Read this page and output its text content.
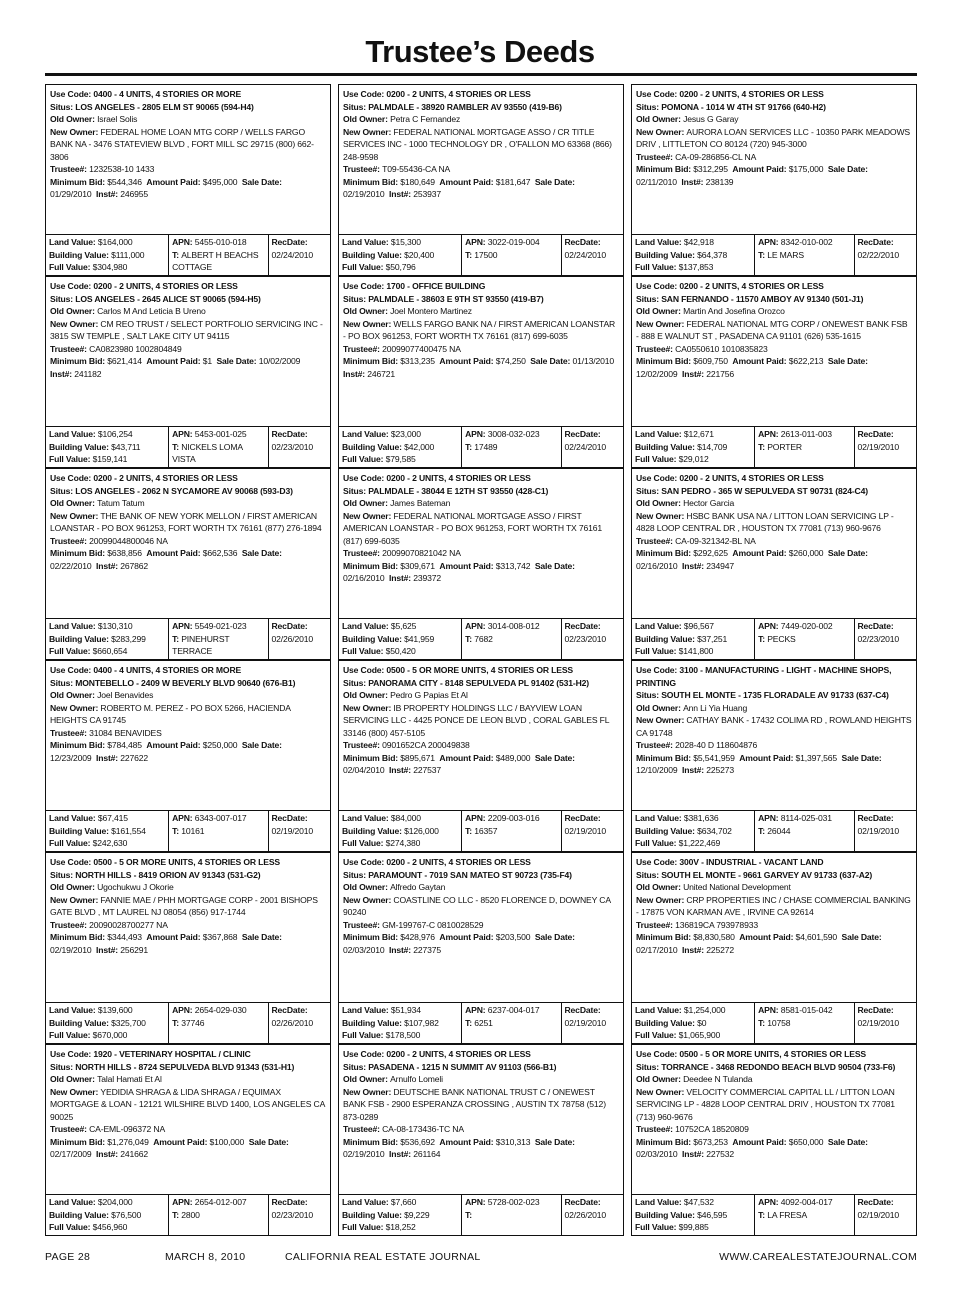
Trustee’s Deeds

Use Code: 0400 - 4 UNITS, 4 STORIES OR MORE

Situs: LOS ANGELES - 2805 ELM ST 90065 (594-H4)

Old Owner: Israel Solis

New Owner: FEDERAL HOME LOAN MTG CORP / WELLS FARGO BANK NA - 3476 STATEVIEW BLVD , FORT MILL SC 29715 (800) 662-3806

Trustee#: 1232538-10 1433

Minimum Bid: $544,346 Amount Paid: $495,000 Sale Date: 01/29/2010 Inst#: 246955

Land Value: $164,000
Building Value: $111,000
Full Value: $304,980
APN: 5455-010-018
T: ALBERT H BEACHS COTTAGE
RecDate:
02/24/2010

Use Code: 0200 - 2 UNITS, 4 STORIES OR LESS

Situs: PALMDALE - 38920 RAMBLER AV 93550 (419-B6)

Old Owner: Petra C Fernandez

New Owner: FEDERAL NATIONAL MORTGAGE ASSO / CR TITLE SERVICES INC - 1000 TECHNOLOGY DR , O'FALLON MO 63368 (866) 248-9598

Trustee#: T09-55436-CA NA

Minimum Bid: $180,649 Amount Paid: $181,647 Sale Date: 02/19/2010 Inst#: 253937

Land Value: $15,300
Building Value: $20,400
Full Value: $50,796
APN: 3022-019-004
T: 17500
RecDate:
02/24/2010

Use Code: 0200 - 2 UNITS, 4 STORIES OR LESS

Situs: POMONA - 1014 W 4TH ST 91766 (640-H2)

Old Owner: Jesus G Garay

New Owner: AURORA LOAN SERVICES LLC - 10350 PARK MEADOWS DRIV , LITTLETON CO 80124 (720) 945-3000

Trustee#: CA-09-286856-CL NA

Minimum Bid: $312,295 Amount Paid: $175,000 Sale Date: 02/11/2010 Inst#: 238139

Land Value: $42,918
Building Value: $64,378
Full Value: $137,853
APN: 8342-010-002
T: LE MARS
RecDate:
02/22/2010

Use Code: 0200 - 2 UNITS, 4 STORIES OR LESS

Situs: LOS ANGELES - 2645 ALICE ST 90065 (594-H5)

Old Owner: Carlos M And Leticia B Ureno

New Owner: CM REO TRUST / SELECT PORTFOLIO SERVICING INC - 3815 SW TEMPLE , SALT LAKE CITY UT 94115

Trustee#: CA0823980 1002804849

Minimum Bid: $621,414 Amount Paid: $1 Sale Date: 10/02/2009  Inst#: 241182

Land Value: $106,254
Building Value: $43,711
Full Value: $159,141
APN: 5453-001-025
T: NICKELS LOMA VISTA
RecDate:
02/23/2010

Use Code: 1700 - OFFICE BUILDING

Situs: PALMDALE - 38603 E 9TH ST 93550 (419-B7)

Old Owner: Joel Montero Martinez

New Owner: WELLS FARGO BANK NA / FIRST AMERICAN LOANSTAR - PO BOX 961253, FORT WORTH TX 76161 (817) 699-6035

Trustee#: 20099077400475 NA

Minimum Bid: $313,235 Amount Paid: $74,250 Sale Date: 01/13/2010  Inst#: 246721

Land Value: $23,000
Building Value: $42,000
Full Value: $79,585
APN: 3008-032-023
T: 17489
RecDate:
02/24/2010

Use Code: 0200 - 2 UNITS, 4 STORIES OR LESS

Situs: SAN FERNANDO - 11570 AMBOY AV 91340 (501-J1)

Old Owner: Martin And Josefina Orozco

New Owner: FEDERAL NATIONAL MTG CORP / ONEWEST BANK FSB - 888 E WALNUT ST , PASADENA CA 91101 (626) 535-1615

Trustee#: CA0550610 1010835823

Minimum Bid: $609,750 Amount Paid: $622,213 Sale Date: 12/02/2009 Inst#: 221756

Land Value: $12,671
Building Value: $14,709
Full Value: $29,012
APN: 2613-011-003
T: PORTER
RecDate:
02/19/2010

Use Code: 0200 - 2 UNITS, 4 STORIES OR LESS

Situs: LOS ANGELES - 2062 N SYCAMORE AV 90068 (593-D3)

Old Owner: Tatum Tatum

New Owner: THE BANK OF NEW YORK MELLON / FIRST AMERICAN LOANSTAR - PO BOX 961253, FORT WORTH TX 76161 (877) 276-1894

Trustee#: 20099044800046 NA

Minimum Bid: $638,856 Amount Paid: $662,536 Sale Date: 02/22/2010 Inst#: 267862

Land Value: $130,310
Building Value: $283,299
Full Value: $660,654
APN: 5549-021-023
T: PINEHURST TERRACE
RecDate:
02/26/2010

Use Code: 0200 - 2 UNITS, 4 STORIES OR LESS

Situs: PALMDALE - 38044 E 12TH ST 93550 (428-C1)

Old Owner: James Bateman

New Owner: FEDERAL NATIONAL MORTGAGE ASSO / FIRST AMERICAN LOANSTAR - PO BOX 961253, FORT WORTH TX 76161 (817) 699-6035

Trustee#: 20099070821042 NA

Minimum Bid: $309,671 Amount Paid: $313,742 Sale Date: 02/16/2010 Inst#: 239372

Land Value: $5,625
Building Value: $41,959
Full Value: $50,420
APN: 3014-008-012
T: 7682
RecDate:
02/23/2010

Use Code: 0200 - 2 UNITS, 4 STORIES OR LESS

Situs: SAN PEDRO - 365 W SEPULVEDA ST 90731 (824-C4)

Old Owner: Hector Garcia

New Owner: HSBC BANK USA NA / LITTON LOAN SERVICING LP - 4828 LOOP CENTRAL DR , HOUSTON TX 77081 (713) 960-9676

Trustee#: CA-09-321342-BL NA

Minimum Bid: $292,625 Amount Paid: $260,000 Sale Date: 02/16/2010 Inst#: 234947

Land Value: $96,567
Building Value: $37,251
Full Value: $141,800
APN: 7449-020-002
T: PECKS
RecDate:
02/23/2010

Use Code: 0400 - 4 UNITS, 4 STORIES OR MORE

Situs: MONTEBELLO - 2409 W BEVERLY BLVD 90640 (676-B1)

Old Owner: Joel Benavides

New Owner: ROBERTO M. PEREZ - PO BOX 5266, HACIENDA HEIGHTS CA 91745

Trustee#: 31084 BENAVIDES

Minimum Bid: $784,485 Amount Paid: $250,000 Sale Date: 12/23/2009 Inst#: 227622

Land Value: $67,415
Building Value: $161,554
Full Value: $242,630
APN: 6343-007-017
T: 10161
RecDate:
02/19/2010

Use Code: 0500 - 5 OR MORE UNITS, 4 STORIES OR LESS

Situs: PANORAMA CITY - 8148 SEPULVEDA PL 91402 (531-H2)

Old Owner: Pedro G Papias Et Al

New Owner: IB PROPERTY HOLDINGS LLC / BAYVIEW LOAN SERVICING LLC - 4425 PONCE DE LEON BLVD , CORAL GABLES FL 33146 (800) 457-5105

Trustee#: 0901652CA 200049838

Minimum Bid: $895,671 Amount Paid: $489,000 Sale Date: 02/04/2010 Inst#: 227537

Land Value: $84,000
Building Value: $126,000
Full Value: $274,380
APN: 2209-003-016
T: 16357
RecDate:
02/19/2010

Use Code: 3100 - MANUFACTURING - LIGHT - MACHINE SHOPS, PRINTING

Situs: SOUTH EL MONTE - 1735 FLORADALE AV 91733 (637-C4)

Old Owner: Ann Li Yia Huang

New Owner: CATHAY BANK - 17432 COLIMA RD , ROWLAND HEIGHTS CA 91748

Trustee#: 2028-40 D 118604876

Minimum Bid: $5,541,959 Amount Paid: $1,397,565 Sale Date: 12/10/2009 Inst#: 225273

Land Value: $381,636
Building Value: $634,702
Full Value: $1,222,469
APN: 8114-025-031
T: 26044
RecDate:
02/19/2010

Use Code: 0500 - 5 OR MORE UNITS, 4 STORIES OR LESS

Situs: NORTH HILLS - 8419 ORION AV 91343 (531-G2)

Old Owner: Ugochukwu J Okorie

New Owner: FANNIE MAE / PHH MORTGAGE CORP - 2001 BISHOPS GATE BLVD , MT LAUREL NJ 08054 (856) 917-1744

Trustee#: 20090028700277 NA

Minimum Bid: $344,493 Amount Paid: $367,868 Sale Date: 02/19/2010 Inst#: 256291

Land Value: $139,600
Building Value: $325,700
Full Value: $670,000
APN: 2654-029-030
T: 37746
RecDate:
02/26/2010

Use Code: 0200 - 2 UNITS, 4 STORIES OR LESS

Situs: PARAMOUNT - 7019 SAN MATEO ST 90723 (735-F4)

Old Owner: Alfredo Gaytan

New Owner: COASTLINE CO LLC - 8520 FLORENCE D, DOWNEY CA 90240

Trustee#: GM-199767-C 0810028529

Minimum Bid: $428,976 Amount Paid: $203,500 Sale Date: 02/03/2010 Inst#: 227375

Land Value: $51,934
Building Value: $107,982
Full Value: $178,500
APN: 6237-004-017
T: 6251
RecDate:
02/19/2010

Use Code: 300V - INDUSTRIAL - VACANT LAND

Situs: SOUTH EL MONTE - 9661 GARVEY AV 91733 (637-A2)

Old Owner: United National Development

New Owner: CRP PROPERTIES INC / CHASE COMMERCIAL BANKING - 17875 VON KARMAN AVE , IRVINE CA 92614

Trustee#: 136819CA 793978933

Minimum Bid: $8,830,580 Amount Paid: $4,601,590 Sale Date: 02/17/2010 Inst#: 225272

Land Value: $1,254,000
Building Value: $0
Full Value: $1,065,900
APN: 8581-015-042
T: 10758
RecDate:
02/19/2010

Use Code: 1920 - VETERINARY HOSPITAL / CLINIC

Situs: NORTH HILLS - 8724 SEPULVEDA BLVD 91343 (531-H1)

Old Owner: Talal Hamati Et Al

New Owner: YEDIDIA SHRAGA & LIDA SHRAGA / EQUIMAX MORTGAGE & LOAN - 12121 WILSHIRE BLVD 1400, LOS ANGELES CA 90025

Trustee#: CA-EML-096372 NA

Minimum Bid: $1,276,049 Amount Paid: $100,000 Sale Date: 02/17/2009 Inst#: 241662

Land Value: $204,000
Building Value: $76,500
Full Value: $456,960
APN: 2654-012-007
T: 2800
RecDate:
02/23/2010

Use Code: 0200 - 2 UNITS, 4 STORIES OR LESS

Situs: PASADENA - 1215 N SUMMIT AV 91103 (566-B1)

Old Owner: Arnulfo Lomeli

New Owner: DEUTSCHE BANK NATIONAL TRUST C / ONEWEST BANK FSB - 2900 ESPERANZA CROSSING , AUSTIN TX 78758 (512) 873-0289

Trustee#: CA-08-173436-TC NA

Minimum Bid: $536,692 Amount Paid: $310,313 Sale Date: 02/19/2010 Inst#: 261164

Land Value: $7,660
Building Value: $9,229
Full Value: $18,252
APN: 5728-002-023
T:
RecDate:
02/26/2010

Use Code: 0500 - 5 OR MORE UNITS, 4 STORIES OR LESS

Situs: TORRANCE - 3468 REDONDO BEACH BLVD 90504 (733-F6)

Old Owner: Deedee N Tulanda

New Owner: VELOCITY COMMERCIAL CAPITAL LL / LITTON LOAN SERVICING LP - 4828 LOOP CENTRAL DRIV , HOUSTON TX 77081 (713) 960-9676

Trustee#: 10752CA 18520809

Minimum Bid: $673,253 Amount Paid: $650,000 Sale Date: 02/03/2010 Inst#: 227532

Land Value: $47,532
Building Value: $46,595
Full Value: $99,885
APN: 4092-004-017
T: LA FRESA
RecDate:
02/19/2010
PAGE 28	MARCH 8, 2010	CALIFORNIA REAL ESTATE JOURNAL	WWW.CAREALESTATEJOURNAL.COM
